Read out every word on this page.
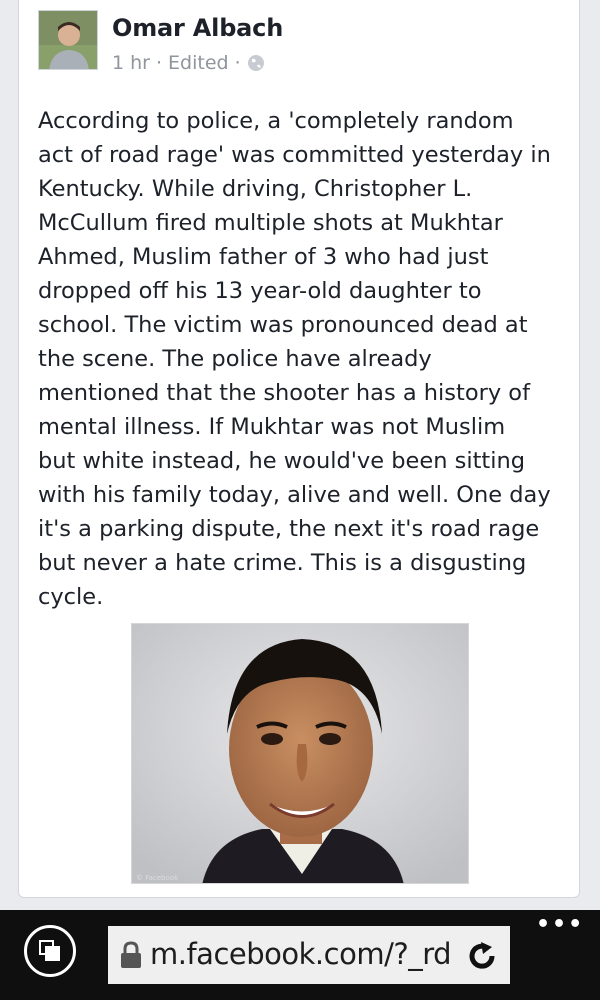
Omar Albach
1 hr · Edited ·
According to police, a 'completely random
act of road rage' was committed yesterday in
Kentucky. While driving, Christopher L.
McCullum fired multiple shots at Mukhtar
Ahmed, Muslim father of 3 who had just
dropped off his 13 year-old daughter to
school. The victim was pronounced dead at
the scene. The police have already
mentioned that the shooter has a history of
mental illness. If Mukhtar was not Muslim
but white instead, he would've been sitting
with his family today, alive and well. One day
it's a parking dispute, the next it's road rage
but never a hate crime. This is a disgusting
cycle.
© Facebook
m.facebook.com/?_rd
•••
